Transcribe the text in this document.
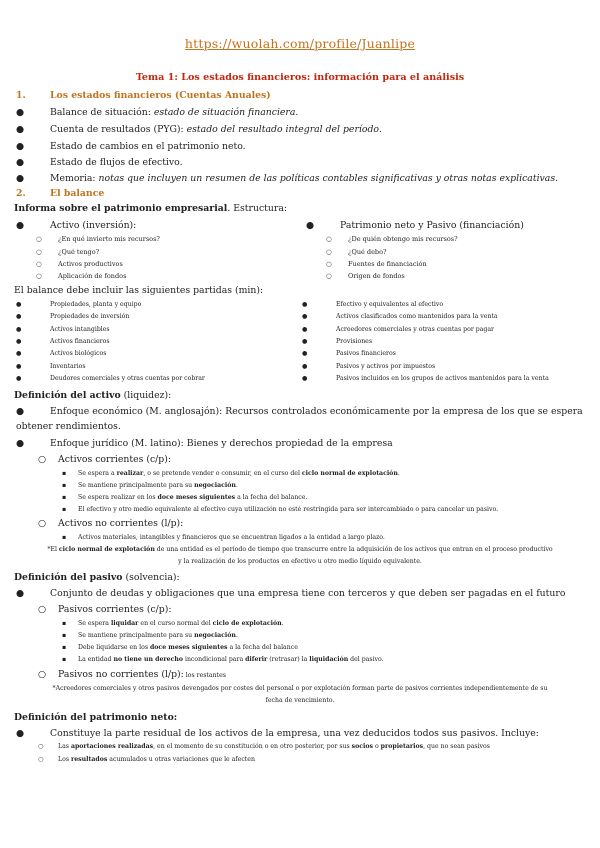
https://wuolah.com/profile/Juanlipe
Tema 1: Los estados financieros: información para el análisis
1.	Los estados financieros (Cuentas Anuales)
●	Balance de situación: estado de situación financiera.
●	Cuenta de resultados (PYG): estado del resultado integral del período.
●	Estado de cambios en el patrimonio neto.
●	Estado de flujos de efectivo.
●	Memoria: notas que incluyen un resumen de las políticas contables significativas y otras notas explicativas.
2.	El balance
Informa sobre el patrimonio empresarial. Estructura:
●	Activo (inversión):
○	¿En qué invierto mis recursos?
○	¿Qué tengo?
○	Activos productivos
○	Aplicación de fondos
●	Patrimonio neto y Pasivo (financiación)
○	¿De quién obtengo mis recursos?
○	¿Qué debo?
○	Fuentes de financiación
○	Origen de fondos
El balance debe incluir las siguientes partidas (min):
●	Propiedades, planta y equipo
●	Propiedades de inversión
●	Activos intangibles
●	Activos financieros
●	Activos biológicos
●	Inventarios
●	Deudores comerciales y otras cuentas por cobrar
●	Efectivo y equivalentes al efectivo
●	Activos clasificados como mantenidos para la venta
●	Acreedores comerciales y otras cuentas por pagar
●	Provisiones
●	Pasivos financieros
●	Pasivos y activos por impuestos
●	Pasivos incluidos en los grupos de activos mantenidos para la venta
Definición del activo (liquidez):
●	Enfoque económico (M. anglosajón): Recursos controlados económicamente por la empresa de los que se espera
obtener rendimientos.
●	Enfoque jurídico (M. latino): Bienes y derechos propiedad de la empresa
○ Activos corrientes (c/p):
▪ Se espera a realizar, o se pretende vender o consumir, en el curso del ciclo normal de explotación.
▪ Se mantiene principalmente para su negociación.
▪ Se espera realizar en los doce meses siguientes a la fecha del balance.
▪ El efectivo y otro medio equivalente al efectivo cuya utilización no esté restringida para ser intercambiado o para cancelar un pasivo.
○ Activos no corrientes (l/p):
▪ Activos materiales, intangibles y financieros que se encuentran ligados a la entidad a largo plazo.
*El ciclo normal de explotación de una entidad es el período de tiempo que transcurre entre la adquisición de los activos que entran en el proceso productivo
y la realización de los productos en efectivo u otro medio líquido equivalente.
Definición del pasivo (solvencia):
●	Conjunto de deudas y obligaciones que una empresa tiene con terceros y que deben ser pagadas en el futuro
○ Pasivos corrientes (c/p):
▪ Se espera liquidar en el curso normal del ciclo de explotación.
▪ Se mantiene principalmente para su negociación.
▪ Debe liquidarse en los doce meses siguientes a la fecha del balance
▪ La entidad no tiene un derecho incondicional para diferir (retrasar) la liquidación del pasivo.
○ Pasivos no corrientes (l/p): los restantes
*Acreedores comerciales y otros pasivos devengados por costes del personal o por explotación forman parte de pasivos corrientes independientemente de su
fecha de vencimiento.
Definición del patrimonio neto:
●	Constituye la parte residual de los activos de la empresa, una vez deducidos todos sus pasivos. Incluye:
○ Las aportaciones realizadas, en el momento de su constitución o en otro posterior, por sus socios o propietarios, que no sean pasivos
○ Los resultados acumulados u otras variaciones que le afecten
